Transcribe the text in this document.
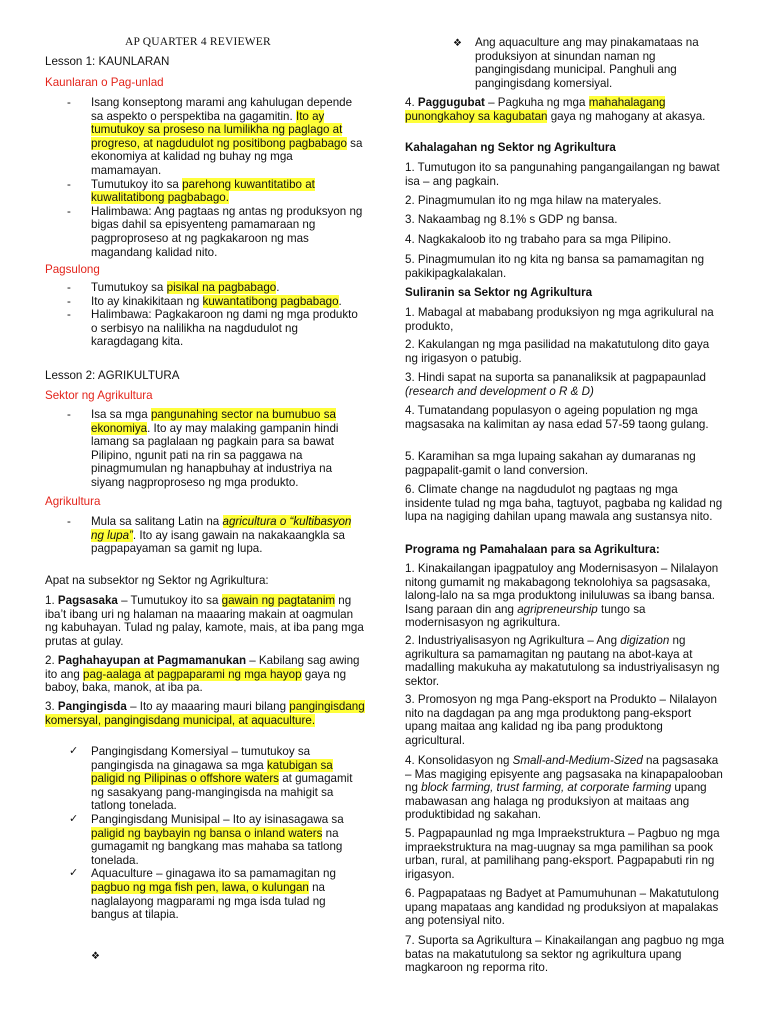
AP QUARTER 4 REVIEWER
Lesson 1: KAUNLARAN
Kaunlaran o Pag-unlad
- Isang konseptong marami ang kahulugan depende sa aspekto o perspektiba na gagamitin. Ito ay tumutukoy sa proseso na lumilikha ng paglago at progreso, at nagdudulot ng positibong pagbabago sa ekonomiya at kalidad ng buhay ng mga mamamayan.
- Tumutukoy ito sa parehong kuwantitatibo at kuwalitatibong pagbabago.
- Halimbawa: Ang pagtaas ng antas ng produksyon ng bigas dahil sa episyenteng pamamaraan ng pagproproseso at ng pagkakaroon ng mas magandang kalidad nito.
Pagsulong
- Tumutukoy sa pisikal na pagbabago.
- Ito ay kinakikitaan ng kuwantatibong pagbabago.
- Halimbawa: Pagkakaroon ng dami ng mga produkto o serbisyo na nalilikha na nagdudulot ng karagdagang kita.
Lesson 2: AGRIKULTURA
Sektor ng Agrikultura
- Isa sa mga pangunahing sector na bumubuo sa ekonomiya. Ito ay may malaking gampanin hindi lamang sa paglalaan ng pagkain para sa bawat Pilipino, ngunit pati na rin sa paggawa na pinagmumulan ng hanapbuhay at industriya na siyang nagproproseso ng mga produkto.
Agrikultura
- Mula sa salitang Latin na agricultura o “kultibasyon ng lupa”. Ito ay isang gawain na nakakaangkla sa pagpapayaman sa gamit ng lupa.
Apat na subsektor ng Sektor ng Agrikultura:

1. Pagsasaka – Tumutukoy ito sa gawain ng pagtatanim ng iba’t ibang uri ng halaman na maaaring makain at oagmulan ng kabuhayan. Tulad ng palay, kamote, mais, at iba pang mga prutas at gulay.

2. Paghahayupan at Pagmamanukan – Kabilang sag awing ito ang pag-aalaga at pagpaparami ng mga hayop gaya ng baboy, baka, manok, at iba pa.

3. Pangingisda – Ito ay maaaring mauri bilang pangingisdang komersyal, pangingisdang municipal, at aquaculture.

✓ Pangingisdang Komersiyal – tumutukoy sa pangingisda na ginagawa sa mga katubigan sa paligid ng Pilipinas o offshore waters at gumagamit ng sasakyang pang-mangingisda na mahigit sa tatlong tonelada.
✓ Pangingisdang Munisipal – Ito ay isinasagawa sa paligid ng baybayin ng bansa o inland waters na gumagamit ng bangkang mas mahaba sa tatlong tonelada.
✓ Aquaculture – ginagawa ito sa pamamagitan ng pagbuo ng mga fish pen, lawa, o kulungan na naglalayong magparami ng mga isda tulad ng bangus at tilapia.
❖
❖ Ang aquaculture ang may pinakamataas na produksiyon at sinundan naman ng pangingisdang municipal. Panghuli ang pangingisdang komersiyal.

4. Paggugubat – Pagkuha ng mga mahahalagang punongkahoy sa kagubatan gaya ng mahogany at akasya.

Kahalagahan ng Sektor ng Agrikultura

1. Tumutugon ito sa pangunahing pangangailangan ng bawat isa – ang pagkain.

2. Pinagmumulan ito ng mga hilaw na materyales.

3. Nakaambag ng 8.1% s GDP ng bansa.

4. Nagkakaloob ito ng trabaho para sa mga Pilipino.

5. Pinagmumulan ito ng kita ng bansa sa pamamagitan ng pakikipagkalakalan.

Suliranin sa Sektor ng Agrikultura

1. Mabagal at mababang produksiyon ng mga agrikulural na produkto,

2. Kakulangan ng mga pasilidad na makatutulong dito gaya ng irigasyon o patubig.

3. Hindi sapat na suporta sa pananaliksik at pagpapaunlad (research and development o R & D)

4. Tumatandang populasyon o ageing population ng mga magsasaka na kalimitan ay nasa edad 57-59 taong gulang.

5. Karamihan sa mga lupaing sakahan ay dumaranas ng pagpapalit-gamit o land conversion.

6. Climate change na nagdudulot ng pagtaas ng mga insidente tulad ng mga baha, tagtuyot, pagbaba ng kalidad ng lupa na nagiging dahilan upang mawala ang sustansya nito.

Programa ng Pamahalaan para sa Agrikultura:

1. Kinakailangan ipagpatuloy ang Modernisasyon – Nilalayon nitong gumamit ng makabagong teknolohiya sa pagsasaka, lalong-lalo na sa mga produktong iniluluwas sa ibang bansa. Isang paraan din ang agripreneurship tungo sa modernisasyon ng agrikultura.

2. Industriyalisasyon ng Agrikultura – Ang digization ng agrikultura sa pamamagitan ng pautang na abot-kaya at madalling makukuha ay makatutulong sa industriyalisasyn ng sektor.

3. Promosyon ng mga Pang-eksport na Produkto – Nilalayon nito na dagdagan pa ang mga produktong pang-eksport upang maitaa ang kalidad ng iba pang produktong agricultural.

4. Konsolidasyon ng Small-and-Medium-Sized na pagsasaka – Mas magiging episyente ang pagsasaka na kinapapalooban ng block farming, trust farming, at corporate farming upang mabawasan ang halaga ng produksiyon at maitaas ang produktibidad ng sakahan.

5. Pagpapaunlad ng mga Impraekstruktura – Pagbuo ng mga impraekstruktura na mag-uugnay sa mga pamilihan sa pook urban, rural, at pamilihang pang-eksport. Pagpapabuti rin ng irigasyon.

6. Pagpapataas ng Badyet at Pamumuhunan – Makatutulong upang mapataas ang kandidad ng produksiyon at mapalakas ang potensiyal nito.

7. Suporta sa Agrikultura – Kinakailangan ang pagbuo ng mga batas na makatutulong sa sektor ng agrikultura upang magkaroon ng reporma rito.
